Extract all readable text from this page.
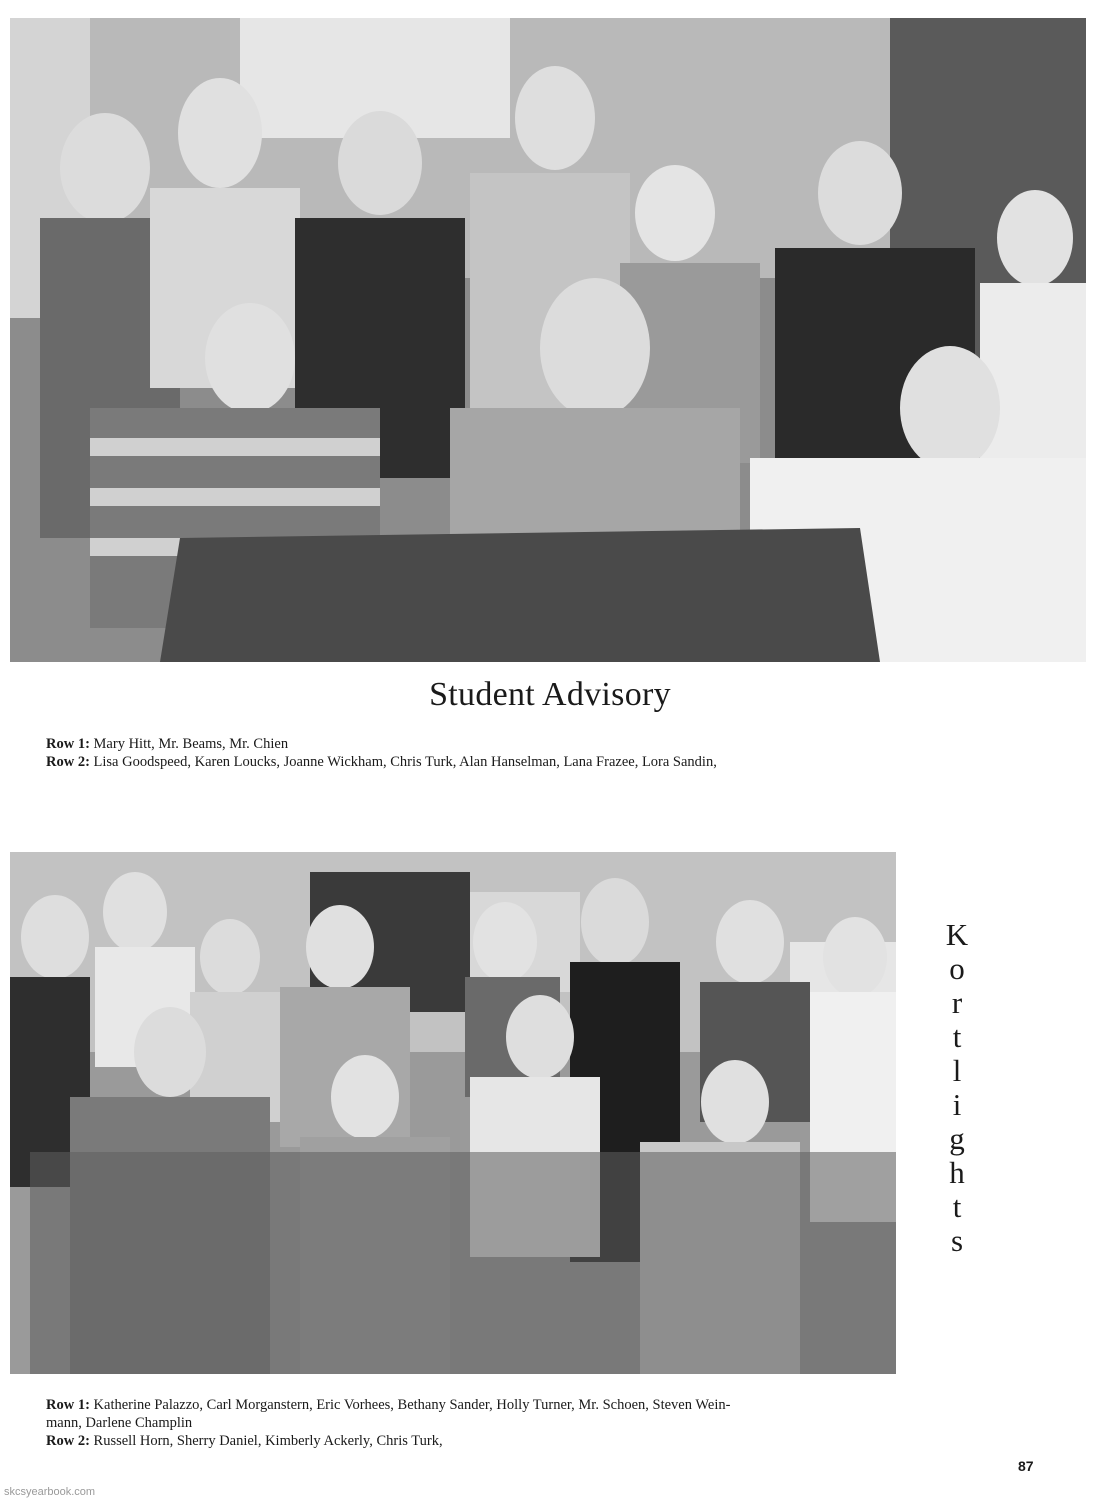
Student Advisory
Row 1: Mary Hitt, Mr. Beams, Mr. Chien
Row 2: Lisa Goodspeed, Karen Loucks, Joanne Wickham, Chris Turk, Alan Hanselman, Lana Frazee, Lora Sandin,
K
o
r
t
l
i
g
h
t
s
Row 1: Katherine Palazzo, Carl Morganstern, Eric Vorhees, Bethany Sander, Holly Turner, Mr. Schoen, Steven Wein-
mann, Darlene Champlin
Row 2: Russell Horn, Sherry Daniel, Kimberly Ackerly, Chris Turk,
87
skcsyearbook.com
